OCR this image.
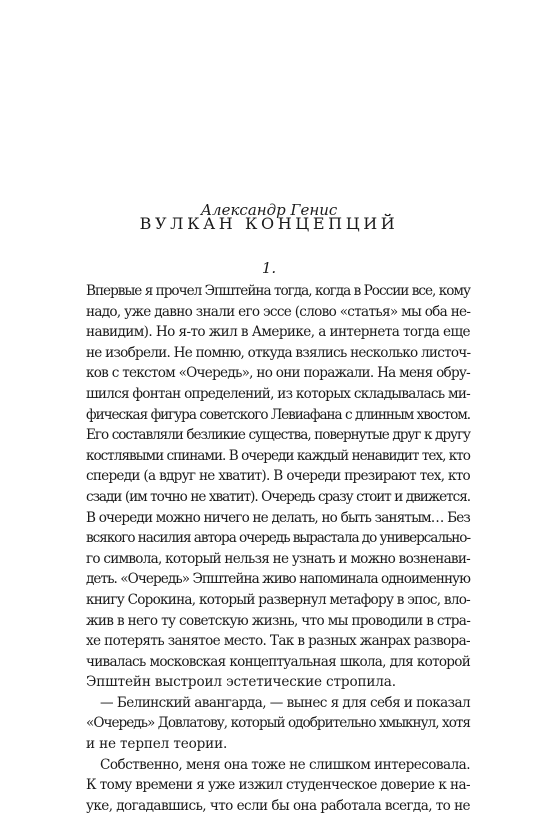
Александр Генис
ВУЛКАН КОНЦЕПЦИЙ
1.
Впервые я прочел Эпштейна тогда, когда в России все, кому
надо, уже давно знали его эссе (слово «статья» мы оба не-
навидим). Но я-то жил в Америке, а интернета тогда еще
не изобрели. Не помню, откуда взялись несколько листоч-
ков с текстом «Очередь», но они поражали. На меня обру-
шился фонтан определений, из которых складывалась ми-
фическая фигура советского Левиафана с длинным хвостом.
Его составляли безликие существа, повернутые друг к другу
костлявыми спинами. В очереди каждый ненавидит тех, кто
спереди (а вдруг не хватит). В очереди презирают тех, кто
сзади (им точно не хватит). Очередь сразу стоит и движется.
В очереди можно ничего не делать, но быть занятым… Без
всякого насилия автора очередь вырастала до универсально-
го символа, который нельзя не узнать и можно возненави-
деть. «Очередь» Эпштейна живо напоминала одноименную
книгу Сорокина, который развернул метафору в эпос, вло-
жив в него ту советскую жизнь, что мы проводили в стра-
хе потерять занятое место. Так в разных жанрах развора-
чивалась московская концептуальная школа, для которой
Эпштейн выстроил эстетические стропила.
— Белинский авангарда, — вынес я для себя и показал
«Очередь» Довлатову, который одобрительно хмыкнул, хотя
и не терпел теории.
Собственно, меня она тоже не слишком интересовала.
К тому времени я уже изжил студенческое доверие к на-
уке, догадавшись, что если бы она работала всегда, то не
